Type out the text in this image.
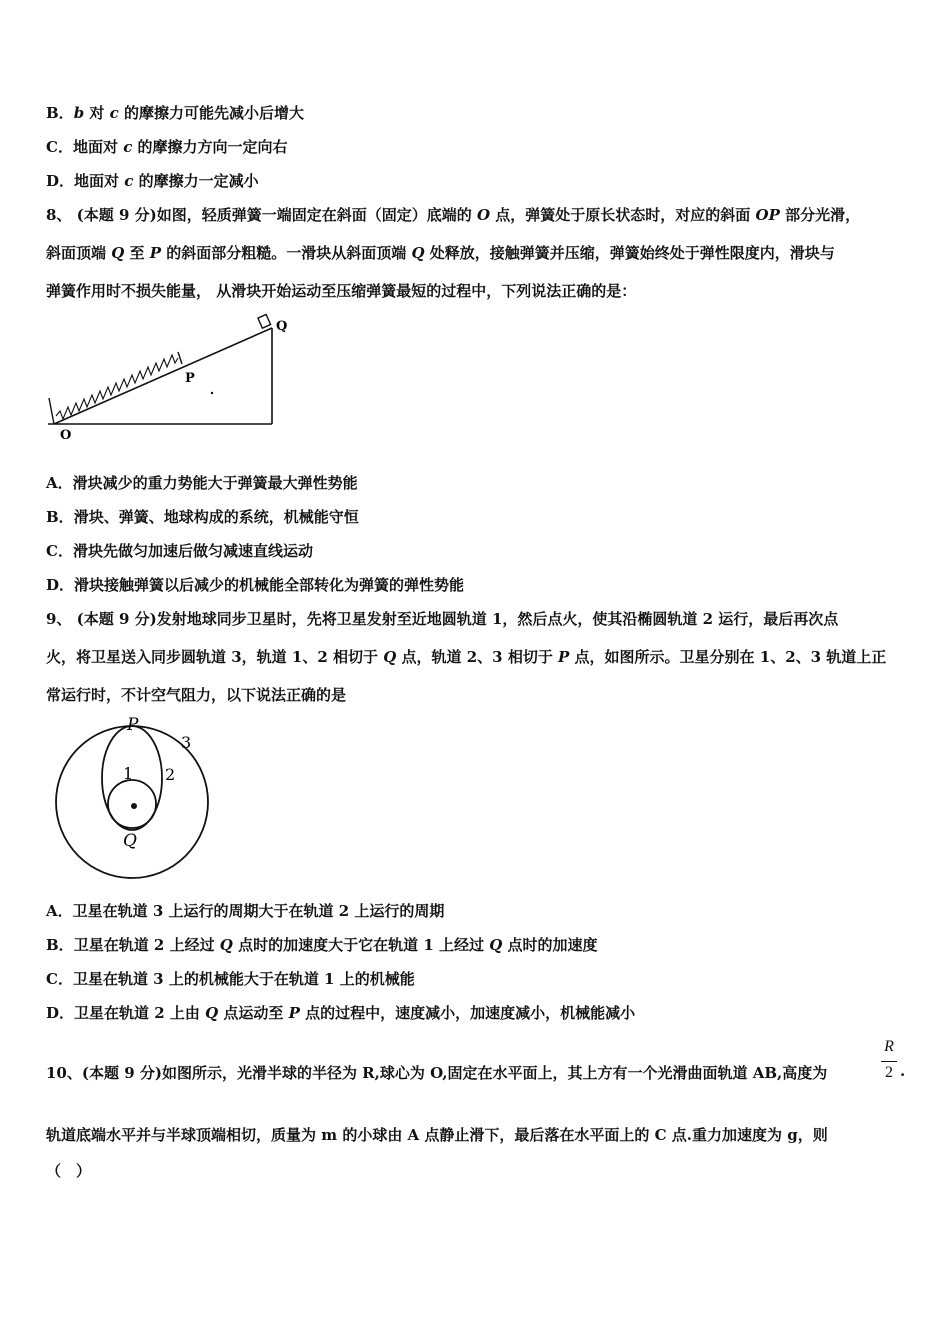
B．b 对 c 的摩擦力可能先减小后增大
C．地面对 c 的摩擦力方向一定向右
D．地面对 c 的摩擦力一定减小
8、 (本题 9 分)如图，轻质弹簧一端固定在斜面（固定）底端的 O 点，弹簧处于原长状态时，对应的斜面 OP 部分光滑，
斜面顶端 Q 至 P 的斜面部分粗糙。一滑块从斜面顶端 Q 处释放，接触弹簧并压缩，弹簧始终处于弹性限度内，滑块与
弹簧作用时不损失能量， 从滑块开始运动至压缩弹簧最短的过程中，下列说法正确的是：
O
P
Q
A．滑块减少的重力势能大于弹簧最大弹性势能
B．滑块、弹簧、地球构成的系统，机械能守恒
C．滑块先做匀加速后做匀减速直线运动
D．滑块接触弹簧以后减少的机械能全部转化为弹簧的弹性势能
9、 (本题 9 分)发射地球同步卫星时，先将卫星发射至近地圆轨道 1，然后点火，使其沿椭圆轨道 2 运行，最后再次点
火，将卫星送入同步圆轨道 3，轨道 1、2 相切于 Q 点，轨道 2、3 相切于 P 点，如图所示。卫星分别在 1、2、3 轨道上正
常运行时，不计空气阻力，以下说法正确的是
P
Q
1 2
3
A．卫星在轨道 3 上运行的周期大于在轨道 2 上运行的周期
B．卫星在轨道 2 上经过 Q 点时的加速度大于它在轨道 1 上经过 Q 点时的加速度
C．卫星在轨道 3 上的机械能大于在轨道 1 上的机械能
D．卫星在轨道 2 上由 Q 点运动至 P 点的过程中，速度减小，加速度减小，机械能减小
10、(本题 9 分)如图所示，光滑半球的半径为 R,球心为 O,固定在水平面上，其上方有一个光滑曲面轨道 AB,高度为
R
2 .
轨道底端水平并与半球顶端相切，质量为 m 的小球由 A 点静止滑下，最后落在水平面上的 C 点.重力加速度为 g，则
（　）
